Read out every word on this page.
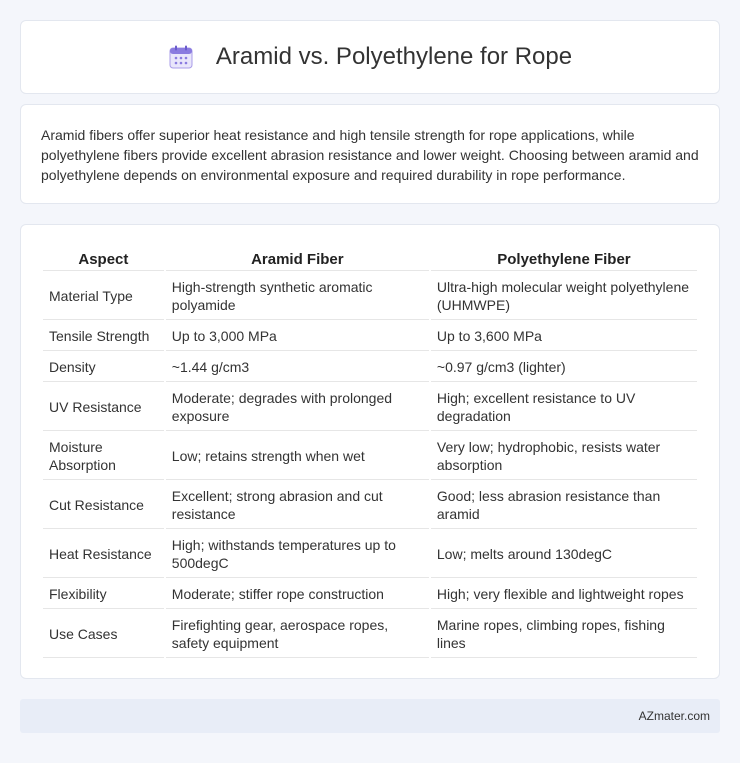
Aramid vs. Polyethylene for Rope

Aramid fibers offer superior heat resistance and high tensile strength for rope applications, while polyethylene fibers provide excellent abrasion resistance and lower weight. Choosing between aramid and polyethylene depends on environmental exposure and required durability in rope performance.

Aspect	Aramid Fiber	Polyethylene Fiber
Material Type	High-strength synthetic aromatic polyamide	Ultra-high molecular weight polyethylene (UHMWPE)
Tensile Strength	Up to 3,000 MPa	Up to 3,600 MPa
Density	~1.44 g/cm3	~0.97 g/cm3 (lighter)
UV Resistance	Moderate; degrades with prolonged exposure	High; excellent resistance to UV degradation
Moisture Absorption	Low; retains strength when wet	Very low; hydrophobic, resists water absorption
Cut Resistance	Excellent; strong abrasion and cut resistance	Good; less abrasion resistance than aramid
Heat Resistance	High; withstands temperatures up to 500degC	Low; melts around 130degC
Flexibility	Moderate; stiffer rope construction	High; very flexible and lightweight ropes
Use Cases	Firefighting gear, aerospace ropes, safety equipment	Marine ropes, climbing ropes, fishing lines
AZmater.com
